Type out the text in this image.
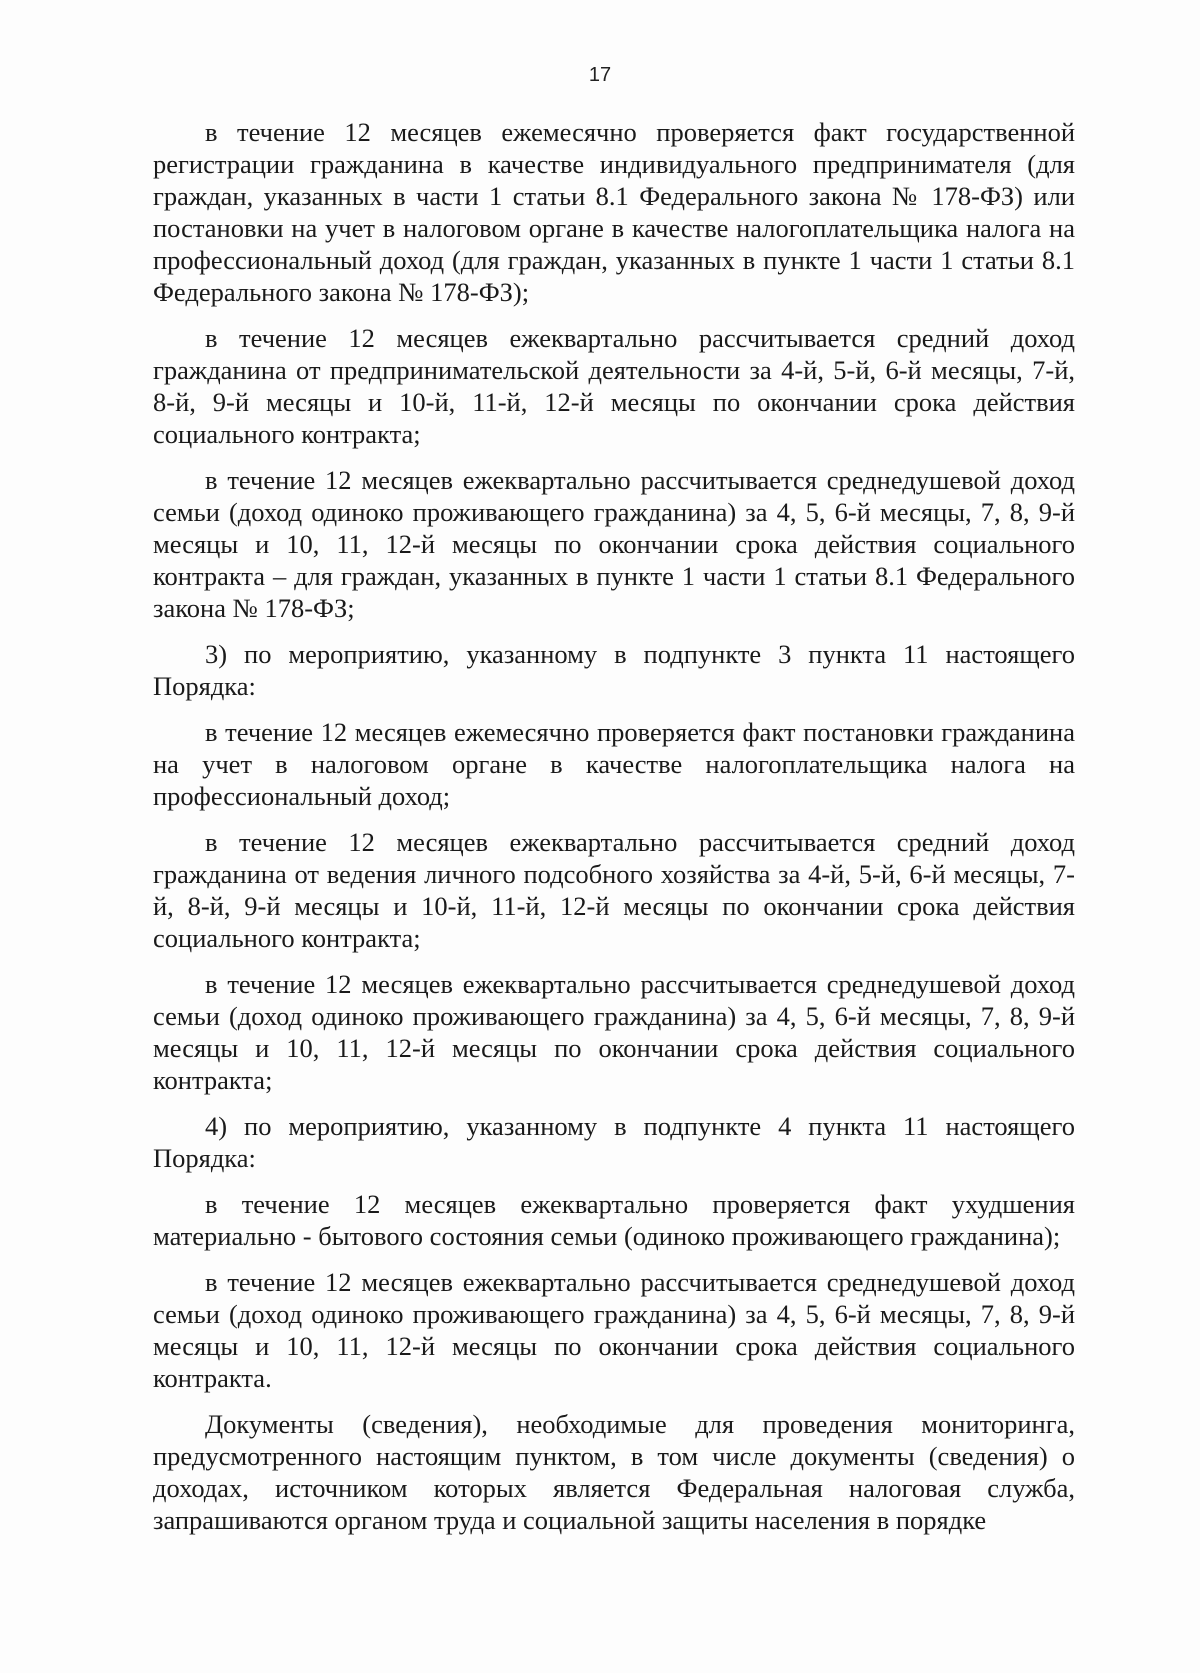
17

в течение 12 месяцев ежемесячно проверяется факт государственной регистрации гражданина в качестве индивидуального предпринимателя (для граждан, указанных в части 1 статьи 8.1 Федерального закона № 178-ФЗ) или постановки на учет в налоговом органе в качестве налогоплательщика налога на профессиональный доход (для граждан, указанных в пункте 1 части 1 статьи 8.1 Федерального закона № 178-ФЗ);

в течение 12 месяцев ежеквартально рассчитывается средний доход гражданина от предпринимательской деятельности за 4-й, 5-й, 6-й месяцы, 7-й, 8-й, 9-й месяцы и 10-й, 11-й, 12-й месяцы по окончании срока действия социального контракта;

в течение 12 месяцев ежеквартально рассчитывается среднедушевой доход семьи (доход одиноко проживающего гражданина) за 4, 5, 6-й месяцы, 7, 8, 9-й месяцы и 10, 11, 12-й месяцы по окончании срока действия социального контракта – для граждан, указанных в пункте 1 части 1 статьи 8.1 Федерального закона № 178-ФЗ;

3) по мероприятию, указанному в подпункте 3 пункта 11 настоящего Порядка:

в течение 12 месяцев ежемесячно проверяется факт постановки гражданина на учет в налоговом органе в качестве налогоплательщика налога на профессиональный доход;

в течение 12 месяцев ежеквартально рассчитывается средний доход гражданина от ведения личного подсобного хозяйства за 4-й, 5-й, 6-й месяцы, 7-й, 8-й, 9-й месяцы и 10-й, 11-й, 12-й месяцы по окончании срока действия социального контракта;

в течение 12 месяцев ежеквартально рассчитывается среднедушевой доход семьи (доход одиноко проживающего гражданина) за 4, 5, 6-й месяцы, 7, 8, 9-й месяцы и 10, 11, 12-й месяцы по окончании срока действия социального контракта;

4) по мероприятию, указанному в подпункте 4 пункта 11 настоящего Порядка:

в течение 12 месяцев ежеквартально проверяется факт ухудшения материально - бытового состояния семьи (одиноко проживающего гражданина);

в течение 12 месяцев ежеквартально рассчитывается среднедушевой доход семьи (доход одиноко проживающего гражданина) за 4, 5, 6-й месяцы, 7, 8, 9-й месяцы и 10, 11, 12-й месяцы по окончании срока действия социального контракта.

Документы (сведения), необходимые для проведения мониторинга, предусмотренного настоящим пунктом, в том числе документы (сведения) о доходах, источником которых является Федеральная налоговая служба, запрашиваются органом труда и социальной защиты населения в порядке
